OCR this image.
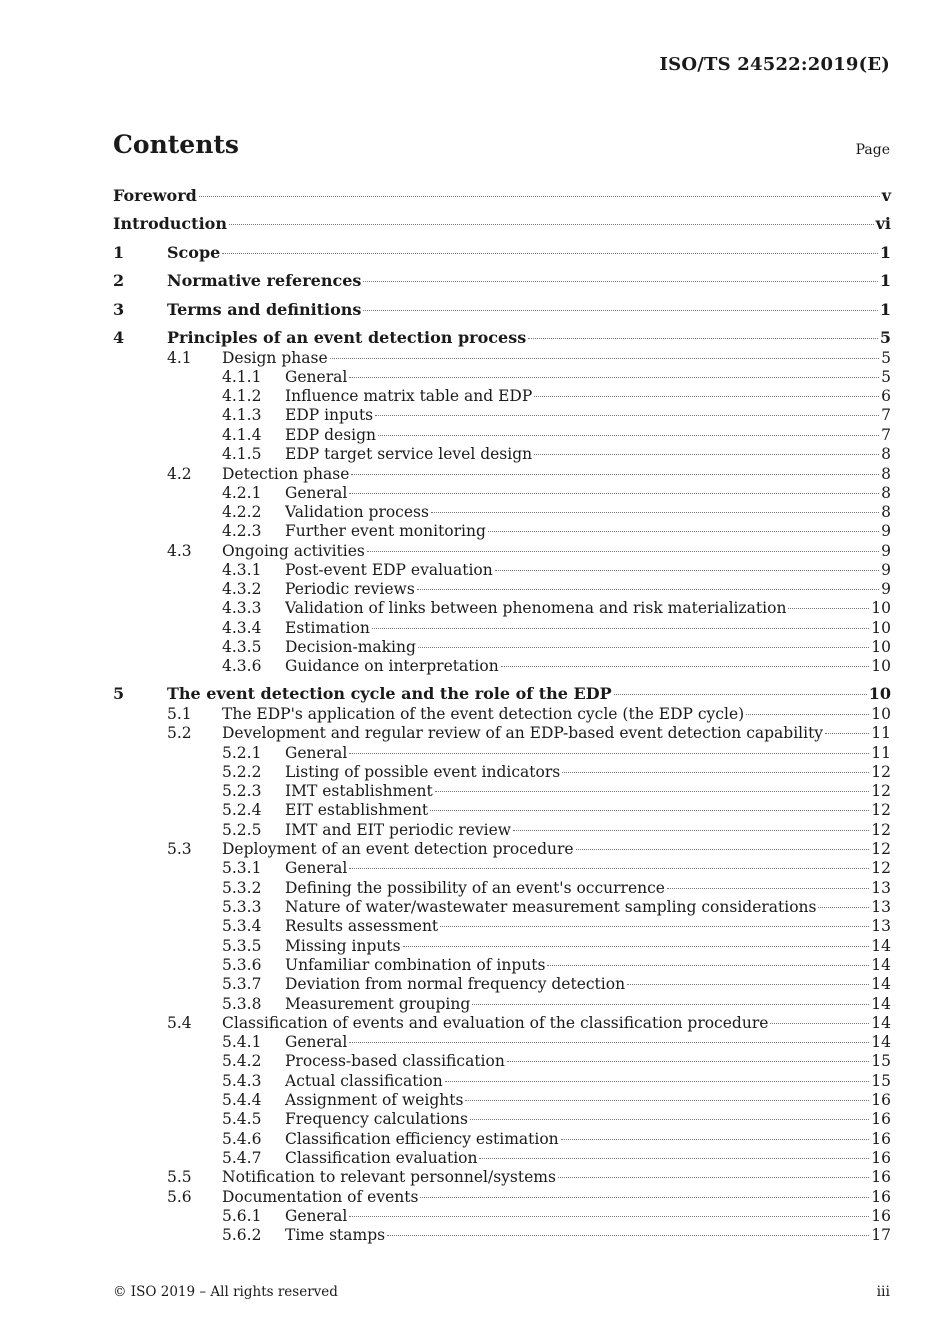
ISO/TS 24522:2019(E)
Contents	Page
Foreword	v
Introduction	vi
1	Scope	1
2	Normative references	1
3	Terms and definitions	1
4	Principles of an event detection process	5
4.1	Design phase	5
4.1.1	General	5
4.1.2	Influence matrix table and EDP	6
4.1.3	EDP inputs	7
4.1.4	EDP design	7
4.1.5	EDP target service level design	8
4.2	Detection phase	8
4.2.1	General	8
4.2.2	Validation process	8
4.2.3	Further event monitoring	9
4.3	Ongoing activities	9
4.3.1	Post-event EDP evaluation	9
4.3.2	Periodic reviews	9
4.3.3	Validation of links between phenomena and risk materialization	10
4.3.4	Estimation	10
4.3.5	Decision-making	10
4.3.6	Guidance on interpretation	10
5	The event detection cycle and the role of the EDP	10
5.1	The EDP's application of the event detection cycle (the EDP cycle)	10
5.2	Development and regular review of an EDP-based event detection capability	11
5.2.1	General	11
5.2.2	Listing of possible event indicators	12
5.2.3	IMT establishment	12
5.2.4	EIT establishment	12
5.2.5	IMT and EIT periodic review	12
5.3	Deployment of an event detection procedure	12
5.3.1	General	12
5.3.2	Defining the possibility of an event's occurrence	13
5.3.3	Nature of water/wastewater measurement sampling considerations	13
5.3.4	Results assessment	13
5.3.5	Missing inputs	14
5.3.6	Unfamiliar combination of inputs	14
5.3.7	Deviation from normal frequency detection	14
5.3.8	Measurement grouping	14
5.4	Classification of events and evaluation of the classification procedure	14
5.4.1	General	14
5.4.2	Process-based classification	15
5.4.3	Actual classification	15
5.4.4	Assignment of weights	16
5.4.5	Frequency calculations	16
5.4.6	Classification efficiency estimation	16
5.4.7	Classification evaluation	16
5.5	Notification to relevant personnel/systems	16
5.6	Documentation of events	16
5.6.1	General	16
5.6.2	Time stamps	17
© ISO 2019 – All rights reserved	iii
